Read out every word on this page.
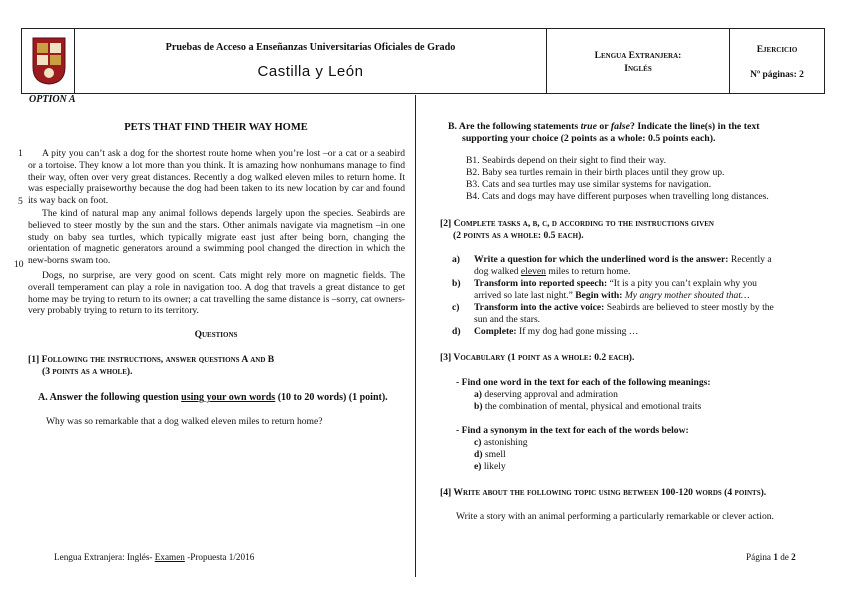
Pruebas de Acceso a Enseñanzas Universitarias Oficiales de Grado
Castilla y León
Lengua Extranjera:
Inglés
Ejercicio
Nº páginas: 2
OPTION A
PETS THAT FIND THEIR WAY HOME
1
5
10
A pity you can’t ask a dog for the shortest route home when you’re lost –or a cat or a seabird or a tortoise. They know a lot more than you think. It is amazing how nonhumans manage to find their way, often over very great distances. Recently a dog walked eleven miles to return home. It was especially praiseworthy because the dog had been taken to its new location by car and found its way back on foot.
The kind of natural map any animal follows depends largely upon the species. Seabirds are believed to steer mostly by the sun and the stars. Other animals navigate via magnetism –in one study on baby sea turtles, which typically migrate east just after being born, changing the orientation of magnetic generators around a swimming pool changed the direction in which the new-borns swam too.
Dogs, no surprise, are very good on scent. Cats might rely more on magnetic fields. The overall temperament can play a role in navigation too. A dog that travels a great distance to get home may be trying to return to its owner; a cat travelling the same distance is –sorry, cat owners- very probably trying to return to its territory.
Questions
[1] Following the instructions, answer questions A and B
(3 points as a whole).
A. Answer the following question using your own words (10 to 20 words) (1 point).
Why was so remarkable that a dog walked eleven miles to return home?
B. Are the following statements true or false? Indicate the line(s) in the text
supporting your choice (2 points as a whole: 0.5 points each).
B1. Seabirds depend on their sight to find their way.
B2. Baby sea turtles remain in their birth places until they grow up.
B3. Cats and sea turtles may use similar systems for navigation.
B4. Cats and dogs may have different purposes when travelling long distances.
[2] Complete tasks a, b, c, d according to the instructions given
(2 points as a whole: 0.5 each).
a) Write a question for which the underlined word is the answer: Recently a
dog walked eleven miles to return home.
b) Transform into reported speech: “It is a pity you can’t explain why you
arrived so late last night.” Begin with: My angry mother shouted that…
c) Transform into the active voice: Seabirds are believed to steer mostly by the
sun and the stars.
d) Complete: If my dog had gone missing …
[3] Vocabulary (1 point as a whole: 0.2 each).
- Find one word in the text for each of the following meanings:
a) deserving approval and admiration
b) the combination of mental, physical and emotional traits
- Find a synonym in the text for each of the words below:
c) astonishing
d) smell
e) likely
[4] Write about the following topic using between 100-120 words (4 points).
Write a story with an animal performing a particularly remarkable or clever action.
Lengua Extranjera: Inglés- Examen -Propuesta 1/2016	Página 1 de 2
